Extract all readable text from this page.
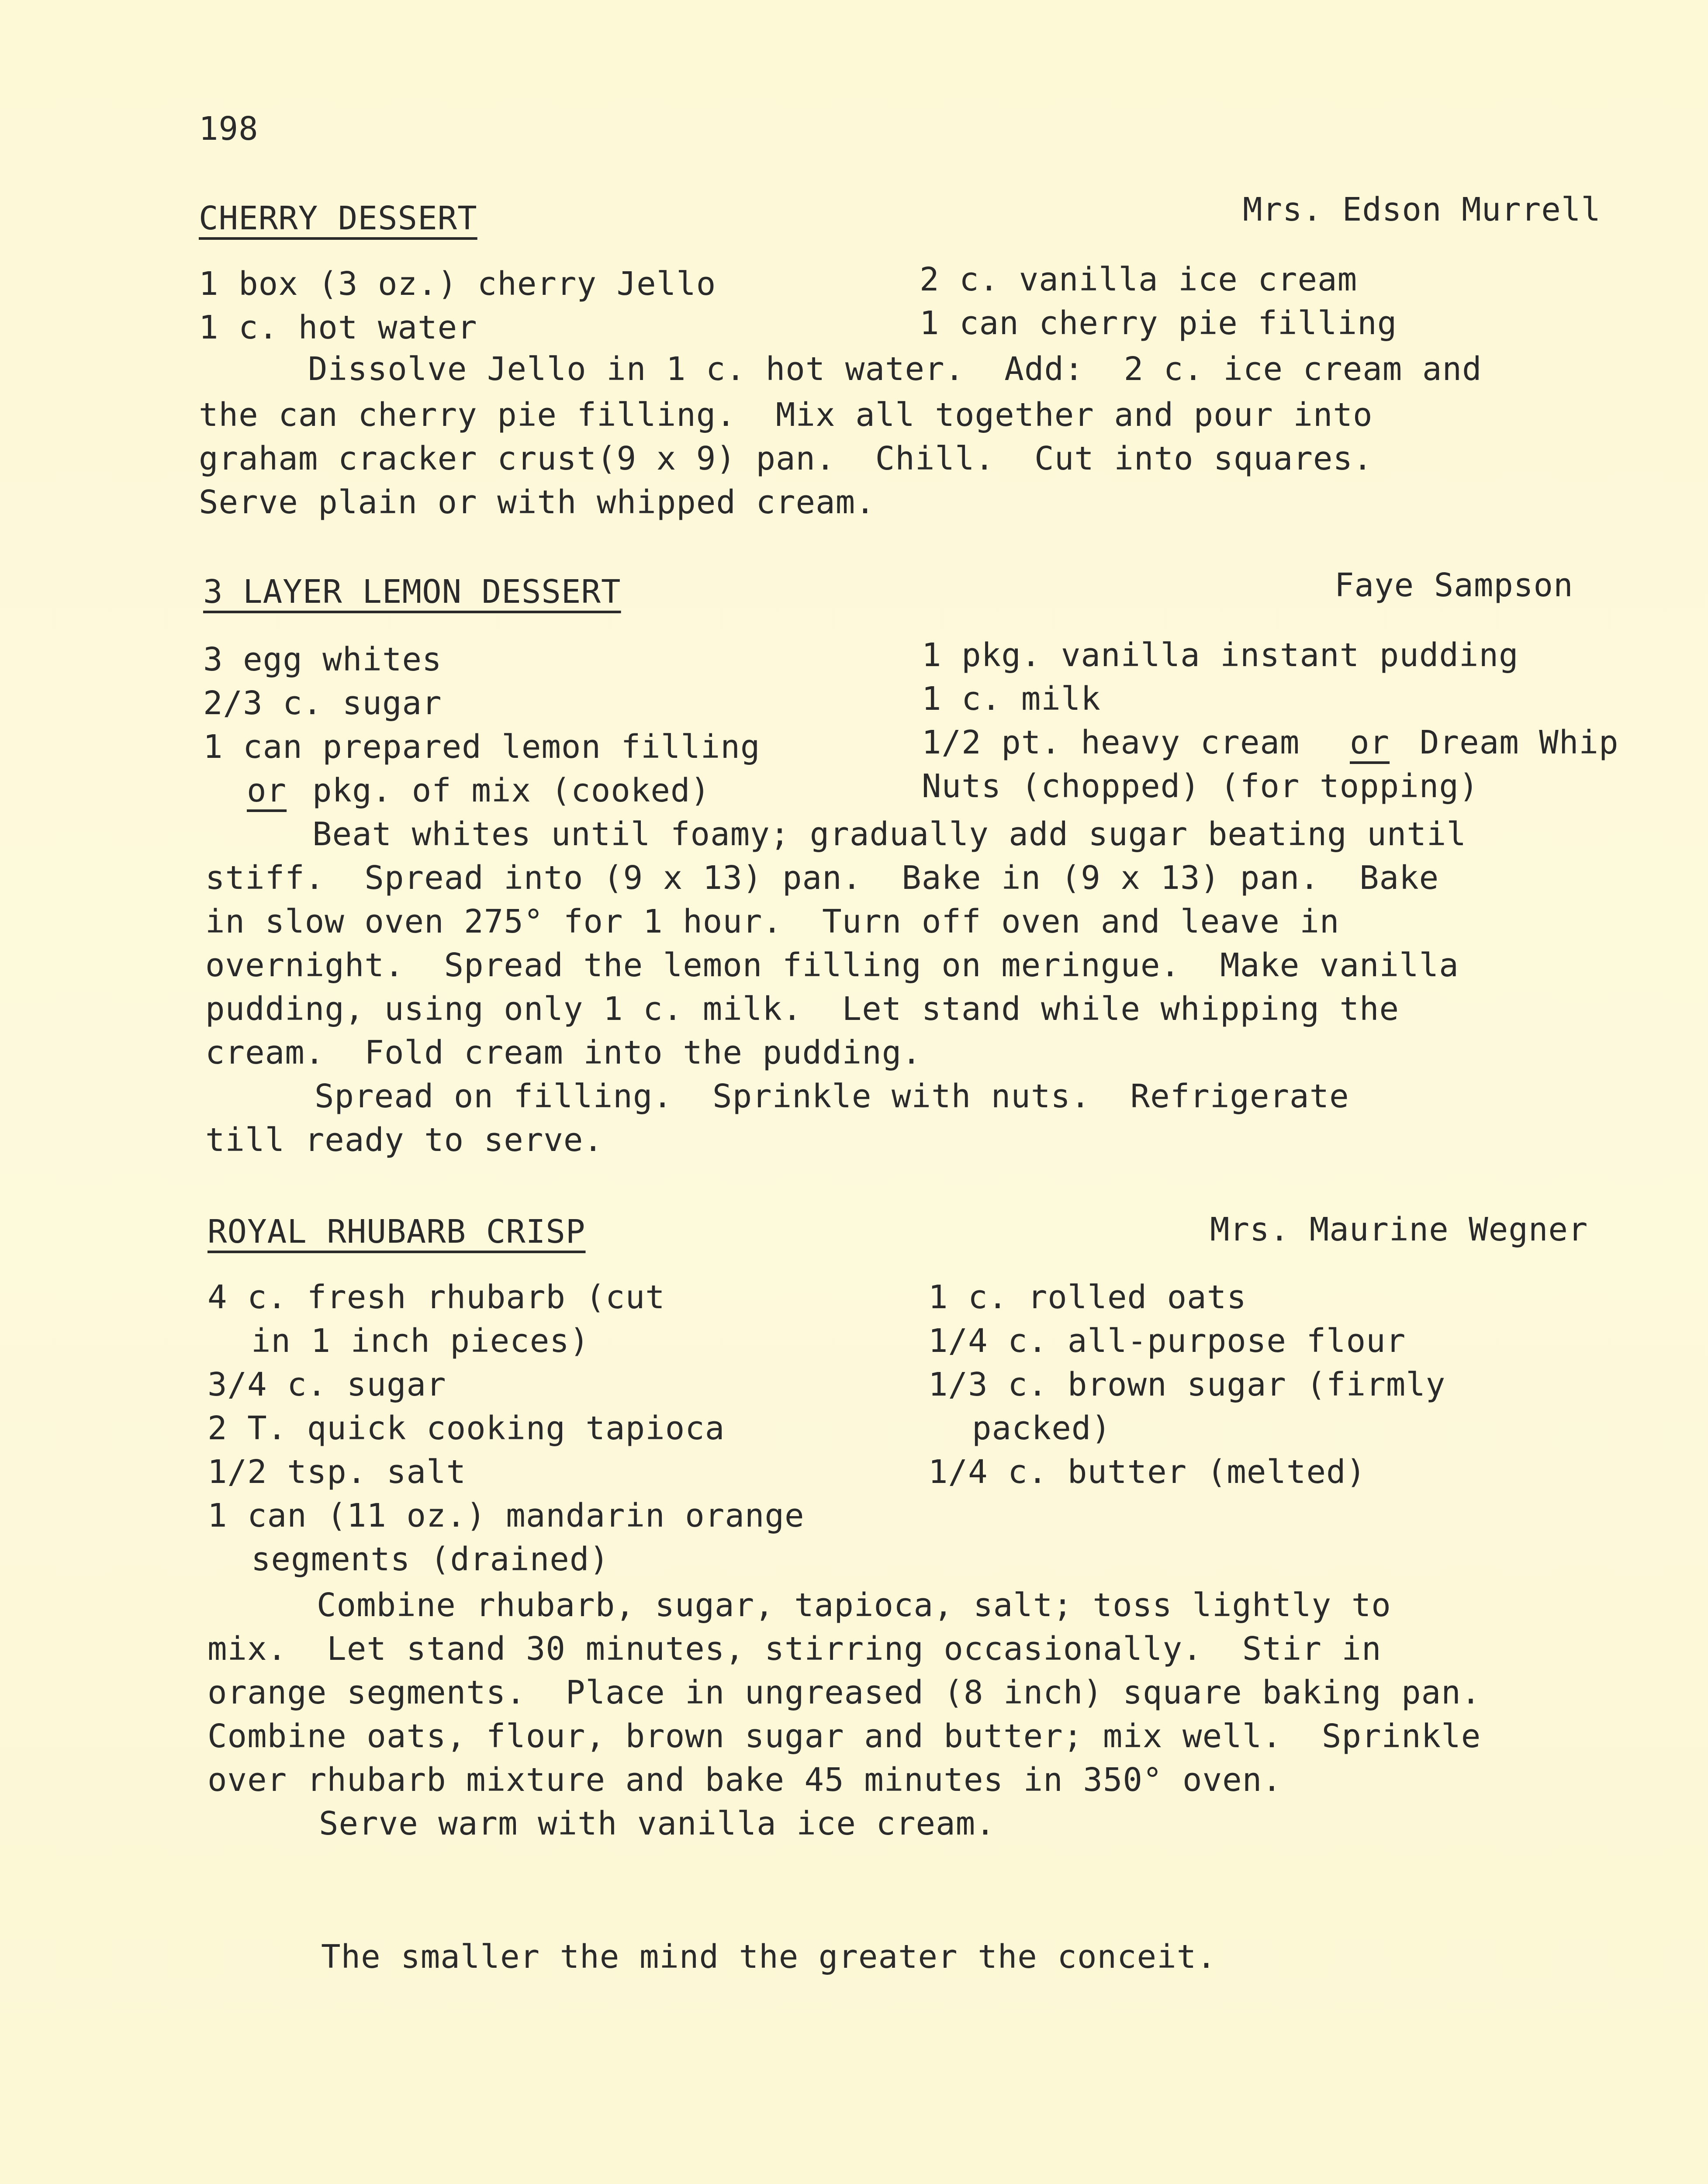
198
CHERRY DESSERT	Mrs. Edson Murrell
1 box (3 oz.) cherry Jello
1 c. hot water
2 c. vanilla ice cream
1 can cherry pie filling
Dissolve Jello in 1 c. hot water.  Add:  2 c. ice cream and
the can cherry pie filling.  Mix all together and pour into
graham cracker crust(9 x 9) pan.  Chill.  Cut into squares.
Serve plain or with whipped cream.
3 LAYER LEMON DESSERT	Faye Sampson
3 egg whites
2/3 c. sugar
1 can prepared lemon filling
or pkg. of mix (cooked)
1 pkg. vanilla instant pudding
1 c. milk
1/2 pt. heavy cream or Dream Whip
Nuts (chopped) (for topping)
Beat whites until foamy; gradually add sugar beating until
stiff.  Spread into (9 x 13) pan.  Bake in (9 x 13) pan.  Bake
in slow oven 275° for 1 hour.  Turn off oven and leave in
overnight.  Spread the lemon filling on meringue.  Make vanilla
pudding, using only 1 c. milk.  Let stand while whipping the
cream.  Fold cream into the pudding.
Spread on filling.  Sprinkle with nuts.  Refrigerate
till ready to serve.
ROYAL RHUBARB CRISP	Mrs. Maurine Wegner
4 c. fresh rhubarb (cut
in 1 inch pieces)
3/4 c. sugar
2 T. quick cooking tapioca
1/2 tsp. salt
1 can (11 oz.) mandarin orange
segments (drained)
1 c. rolled oats
1/4 c. all-purpose flour
1/3 c. brown sugar (firmly
packed)
1/4 c. butter (melted)
Combine rhubarb, sugar, tapioca, salt; toss lightly to
mix.  Let stand 30 minutes, stirring occasionally.  Stir in
orange segments.  Place in ungreased (8 inch) square baking pan.
Combine oats, flour, brown sugar and butter; mix well.  Sprinkle
over rhubarb mixture and bake 45 minutes in 350° oven.
Serve warm with vanilla ice cream.
The smaller the mind the greater the conceit.
